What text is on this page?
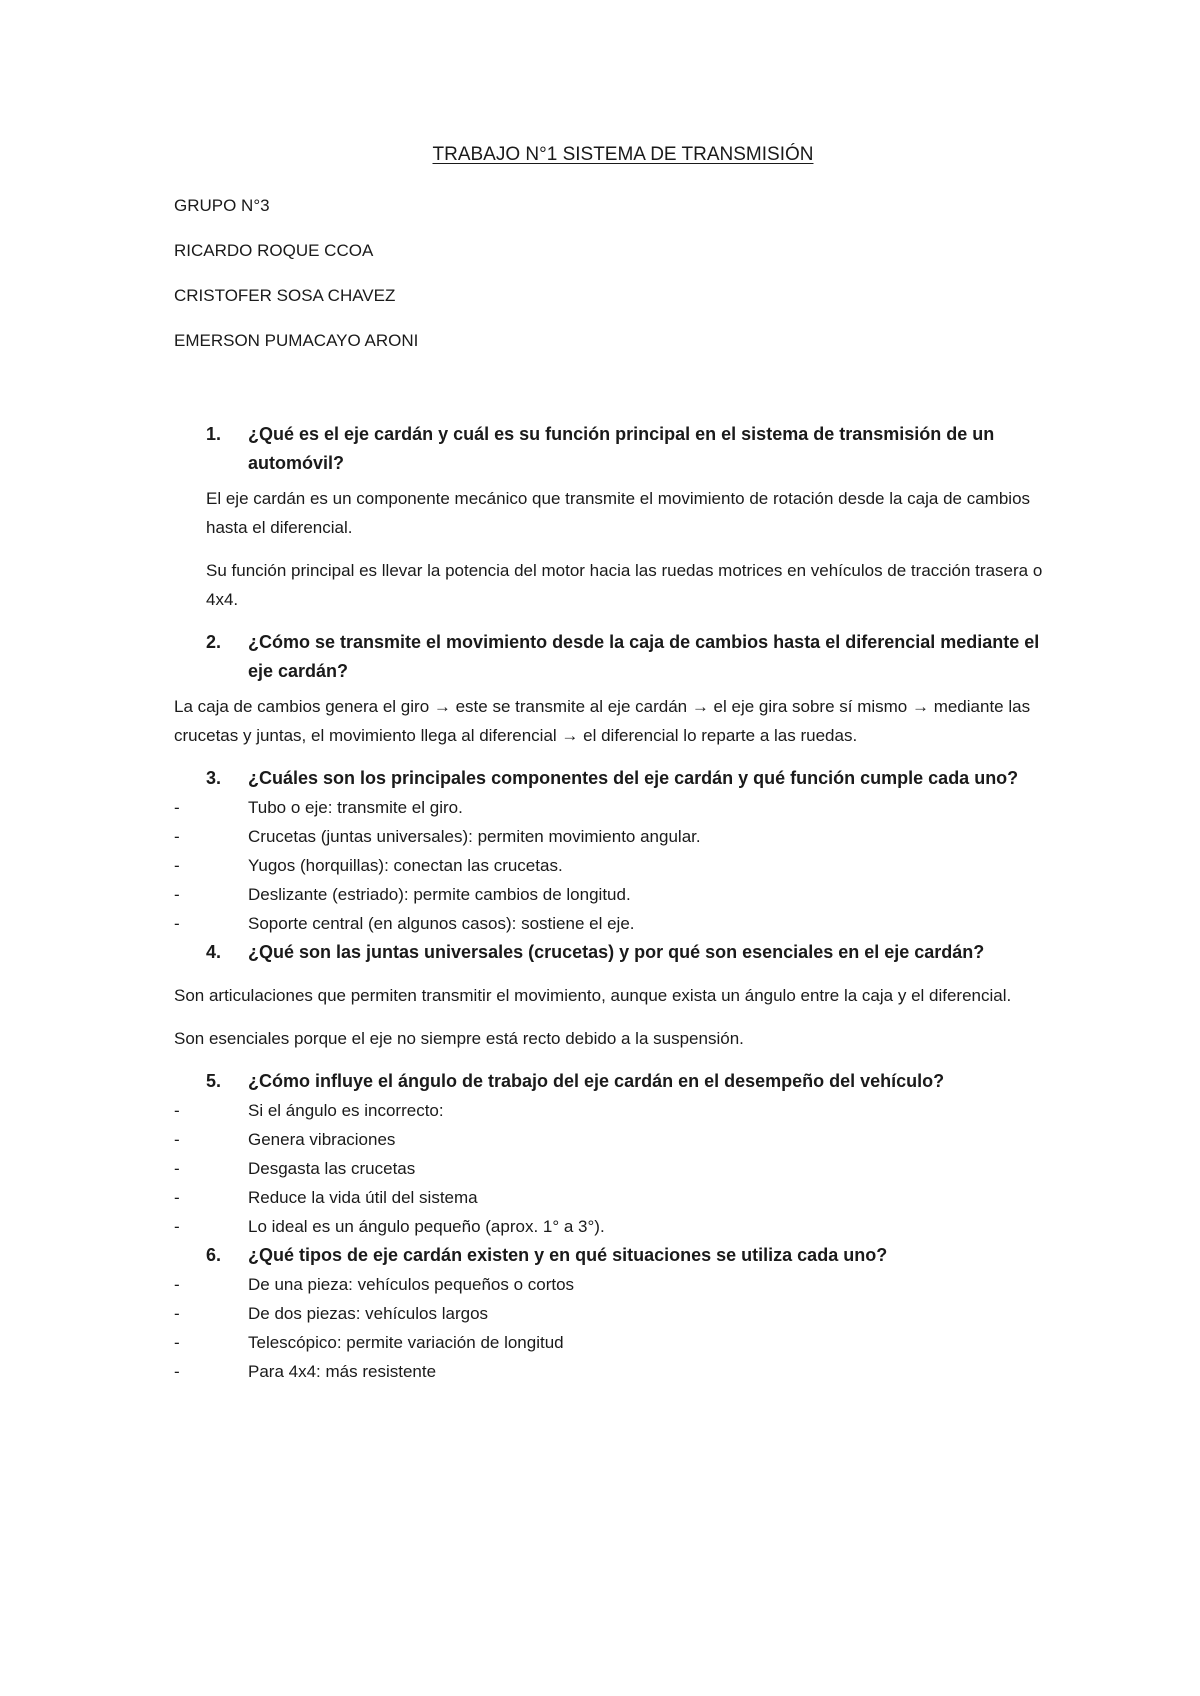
TRABAJO N°1 SISTEMA DE TRANSMISIÓN
GRUPO N°3
RICARDO ROQUE CCOA
CRISTOFER SOSA CHAVEZ
EMERSON PUMACAYO ARONI
1.	¿Qué es el eje cardán y cuál es su función principal en el sistema de transmisión de un automóvil?

El eje cardán es un componente mecánico que transmite el movimiento de rotación desde la caja de cambios hasta el diferencial.

Su función principal es llevar la potencia del motor hacia las ruedas motrices en vehículos de tracción trasera o 4x4.

2.	¿Cómo se transmite el movimiento desde la caja de cambios hasta el diferencial mediante el eje cardán?

La caja de cambios genera el giro → este se transmite al eje cardán → el eje gira sobre sí mismo → mediante las crucetas y juntas, el movimiento llega al diferencial → el diferencial lo reparte a las ruedas.

3.	¿Cuáles son los principales componentes del eje cardán y qué función cumple cada uno?
-	Tubo o eje: transmite el giro.
-	Crucetas (juntas universales): permiten movimiento angular.
-	Yugos (horquillas): conectan las crucetas.
-	Deslizante (estriado): permite cambios de longitud.
-	Soporte central (en algunos casos): sostiene el eje.
4.	¿Qué son las juntas universales (crucetas) y por qué son esenciales en el eje cardán?

Son articulaciones que permiten transmitir el movimiento, aunque exista un ángulo entre la caja y el diferencial.

Son esenciales porque el eje no siempre está recto debido a la suspensión.

5.	¿Cómo influye el ángulo de trabajo del eje cardán en el desempeño del vehículo?
-	Si el ángulo es incorrecto:
-	Genera vibraciones
-	Desgasta las crucetas
-	Reduce la vida útil del sistema
-	Lo ideal es un ángulo pequeño (aprox. 1° a 3°).
6.	¿Qué tipos de eje cardán existen y en qué situaciones se utiliza cada uno?
-	De una pieza: vehículos pequeños o cortos
-	De dos piezas: vehículos largos
-	Telescópico: permite variación de longitud
-	Para 4x4: más resistente
